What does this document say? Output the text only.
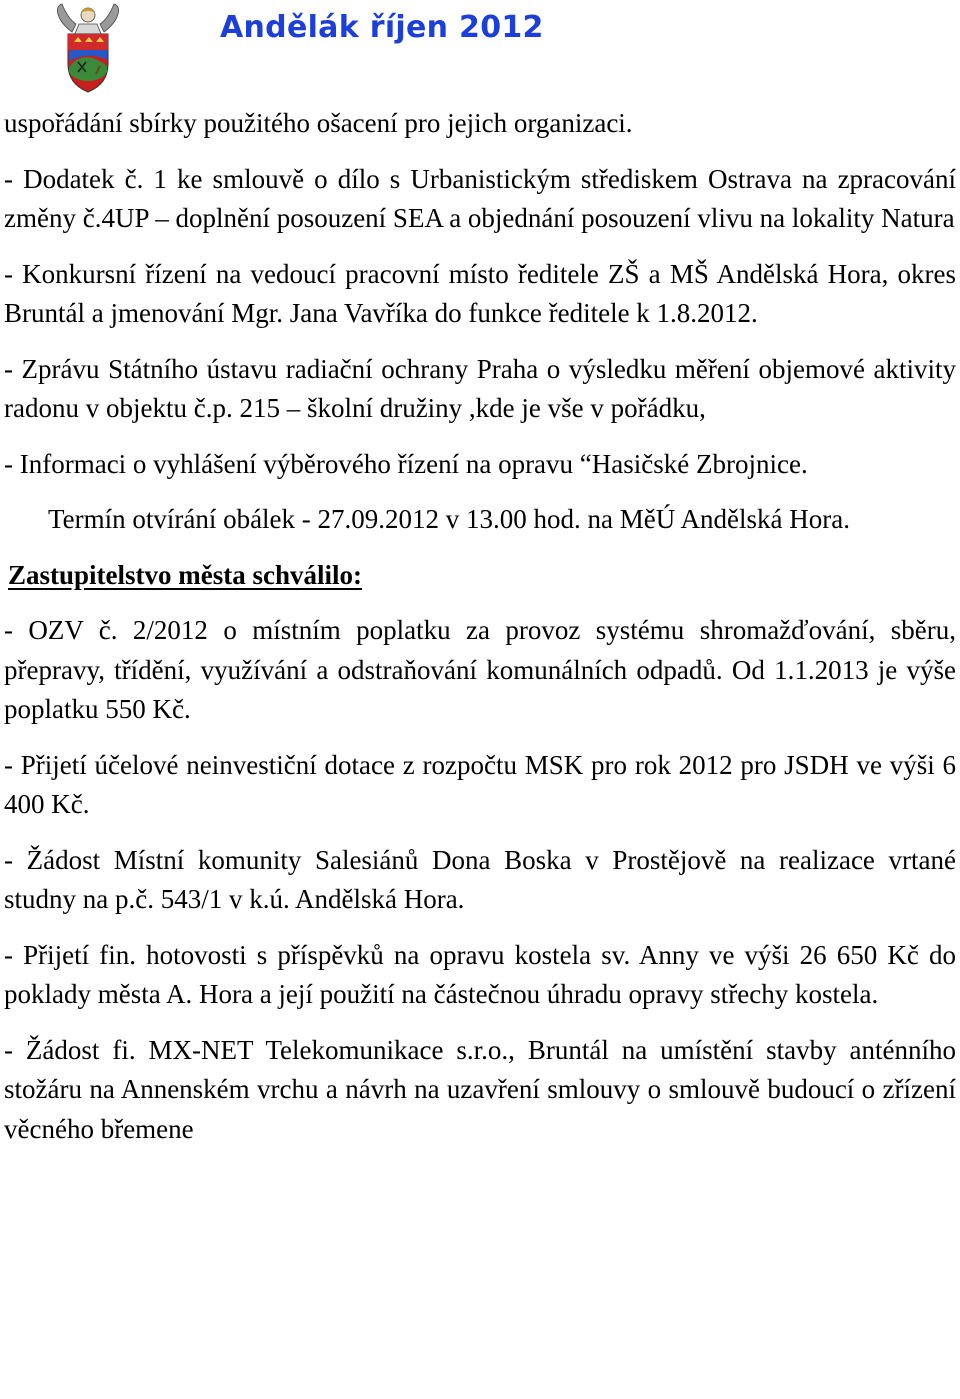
Andělák říjen 2012

uspořádání sbírky použitého ošacení pro jejich organizaci.

- Dodatek č. 1 ke smlouvě o dílo s Urbanistickým střediskem Ostrava na zpracování změny č.4UP – doplnění posouzení SEA a objednání posouzení vlivu na lokality Natura

- Konkursní řízení na vedoucí pracovní místo ředitele ZŠ a MŠ Andělská Hora, okres Bruntál a jmenování Mgr. Jana Vavříka do funkce ředitele k 1.8.2012.

- Zprávu Státního ústavu radiační ochrany Praha o výsledku měření objemové aktivity radonu v objektu č.p. 215 – školní družiny ,kde je vše v pořádku,

- Informaci o vyhlášení výběrového řízení na opravu “Hasičské Zbrojnice.

Termín otvírání obálek - 27.09.2012 v 13.00 hod. na MěÚ Andělská Hora.

Zastupitelstvo města schválilo:

- OZV č. 2/2012 o místním poplatku za provoz systému shromažďování, sběru, přepravy, třídění, využívání a odstraňování komunálních odpadů. Od 1.1.2013 je výše poplatku 550 Kč.

- Přijetí účelové neinvestiční dotace z rozpočtu MSK pro rok 2012 pro JSDH ve výši 6 400 Kč.

- Žádost Místní komunity Salesiánů Dona Boska v Prostějově na realizace vrtané studny na p.č. 543/1 v k.ú. Andělská Hora.

- Přijetí fin. hotovosti s příspěvků na opravu kostela sv. Anny ve výši 26 650 Kč do poklady města A. Hora a její použití na částečnou úhradu opravy střechy kostela.

- Žádost fi. MX-NET Telekomunikace s.r.o., Bruntál na umístění stavby anténního stožáru na Annenském vrchu a návrh na uzavření smlouvy o smlouvě budoucí o zřízení věcného břemene
